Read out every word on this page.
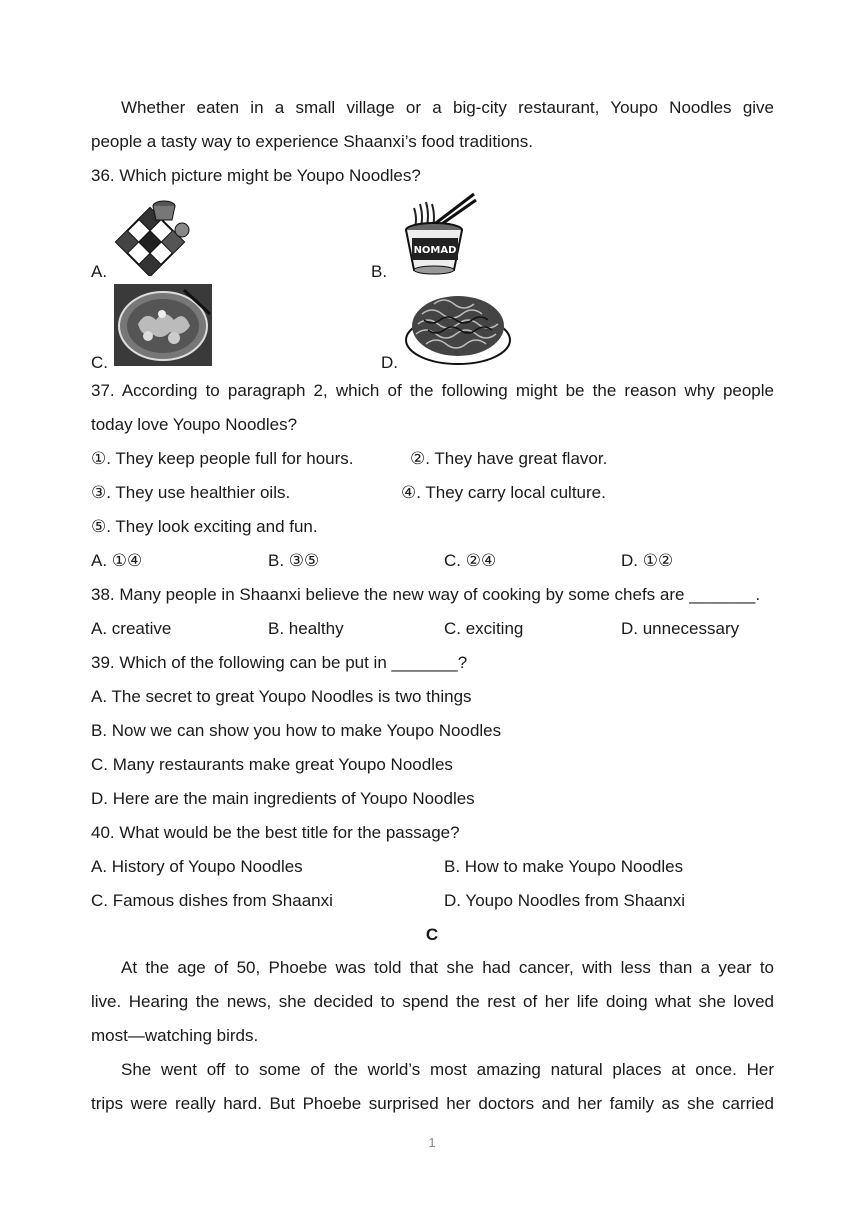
Whether eaten in a small village or a big-city restaurant, Youpo Noodles give
people a tasty way to experience Shaanxi’s food traditions.
36. Which picture might be Youpo Noodles?
A.	B.
NOMAD
C.	D.
37. According to paragraph 2, which of the following might be the reason why people
today love Youpo Noodles?
①. They keep people full for hours.	②. They have great flavor.
③. They use healthier oils.	④. They carry local culture.
⑤. They look exciting and fun.
A. ①④	B. ③⑤	C. ②④	D. ①②
38. Many people in Shaanxi believe the new way of cooking by some chefs are _______.
A. creative	B. healthy	C. exciting	D. unnecessary
39. Which of the following can be put in _______?
A. The secret to great Youpo Noodles is two things
B. Now we can show you how to make Youpo Noodles
C. Many restaurants make great Youpo Noodles
D. Here are the main ingredients of Youpo Noodles
40. What would be the best title for the passage?
A. History of Youpo Noodles	B. How to make Youpo Noodles
C. Famous dishes from Shaanxi	D. Youpo Noodles from Shaanxi
C
At the age of 50, Phoebe was told that she had cancer, with less than a year to
live. Hearing the news, she decided to spend the rest of her life doing what she loved
most—watching birds.
She went off to some of the world’s most amazing natural places at once. Her
trips were really hard. But Phoebe surprised her doctors and her family as she carried
1
